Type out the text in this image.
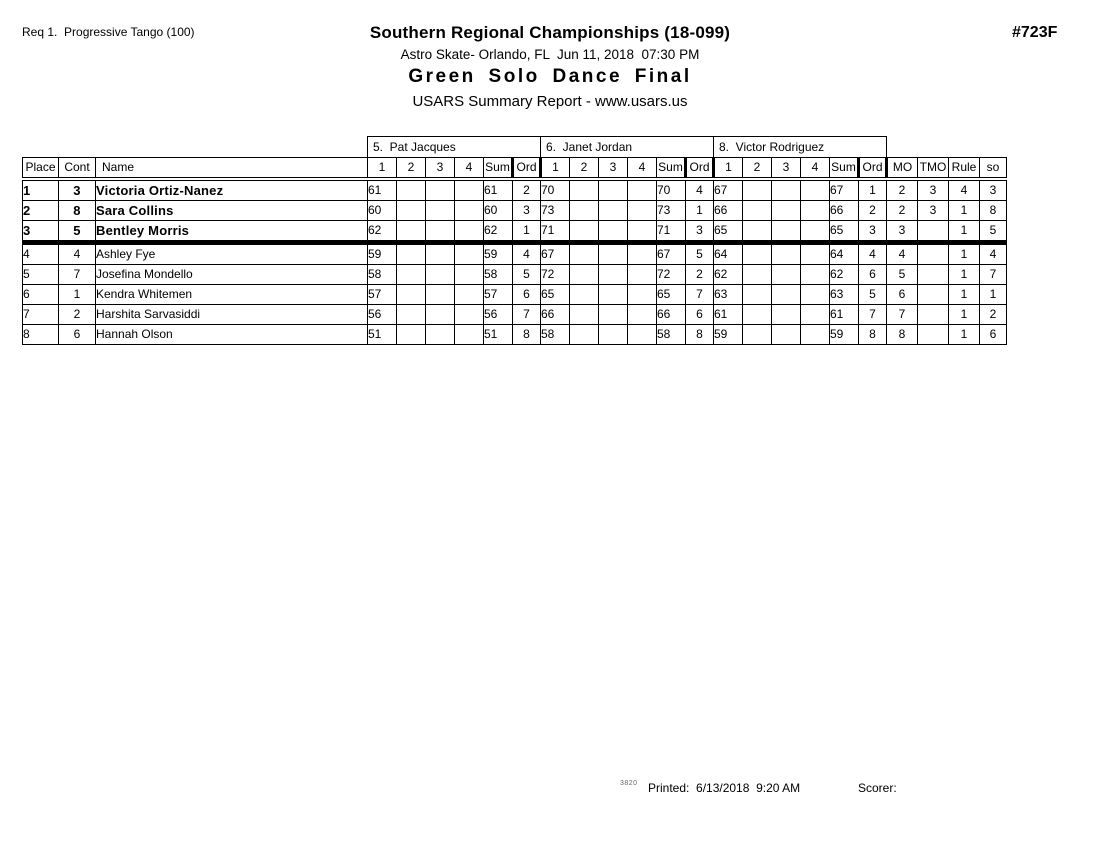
Req 1.  Progressive Tango (100)	#723F
Southern Regional Championships (18-099)
Astro Skate- Orlando, FL  Jun 11, 2018  07:30 PM
Green Solo Dance Final
USARS Summary Report - www.usars.us
			5.  Pat Jacques						6.  Janet Jordan						8.  Victor Rodriguez									
Place	Cont	Name	1	2	3	4	Sum	Ord	1	2	3	4	Sum	Ord	1	2	3	4	Sum	Ord	MO	TMO	Rule	so
1	3	Victoria Ortiz-Nanez	61				61	2	70				70	4	67				67	1	2	3	4	3
2	8	Sara Collins	60				60	3	73				73	1	66				66	2	2	3	1	8
3	5	Bentley Morris	62				62	1	71				71	3	65				65	3	3		1	5
4	4	Ashley Fye	59				59	4	67				67	5	64				64	4	4		1	4
5	7	Josefina Mondello	58				58	5	72				72	2	62				62	6	5		1	7
6	1	Kendra Whitemen	57				57	6	65				65	7	63				63	5	6		1	1
7	2	Harshita Sarvasiddi	56				56	7	66				66	6	61				61	7	7		1	2
8	6	Hannah Olson	51				51	8	58				58	8	59				59	8	8		1	6
3820 Printed:  6/13/2018  9:20 AM	Scorer:
